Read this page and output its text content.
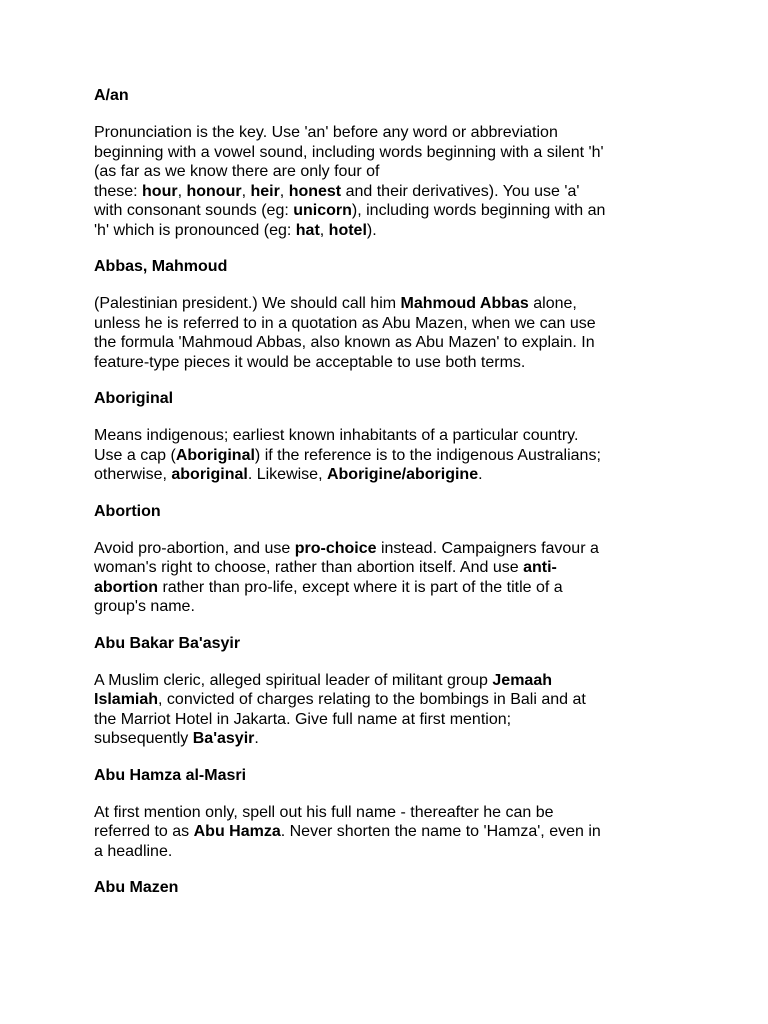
A/an
Pronunciation is the key. Use 'an' before any word or abbreviation
beginning with a vowel sound, including words beginning with a silent 'h'
(as far as we know there are only four of
these: hour, honour, heir, honest and their derivatives). You use 'a'
with consonant sounds (eg: unicorn), including words beginning with an
'h' which is pronounced (eg: hat, hotel).
Abbas, Mahmoud
(Palestinian president.) We should call him Mahmoud Abbas alone,
unless he is referred to in a quotation as Abu Mazen, when we can use
the formula 'Mahmoud Abbas, also known as Abu Mazen' to explain. In
feature-type pieces it would be acceptable to use both terms.
Aboriginal
Means indigenous; earliest known inhabitants of a particular country.
Use a cap (Aboriginal) if the reference is to the indigenous Australians;
otherwise, aboriginal. Likewise, Aborigine/aborigine.
Abortion
Avoid pro-abortion, and use pro-choice instead. Campaigners favour a
woman's right to choose, rather than abortion itself. And use anti-
abortion rather than pro-life, except where it is part of the title of a
group's name.
Abu Bakar Ba'asyir
A Muslim cleric, alleged spiritual leader of militant group Jemaah
Islamiah, convicted of charges relating to the bombings in Bali and at
the Marriot Hotel in Jakarta. Give full name at first mention;
subsequently Ba'asyir.
Abu Hamza al-Masri
At first mention only, spell out his full name - thereafter he can be
referred to as Abu Hamza. Never shorten the name to 'Hamza', even in
a headline.
Abu Mazen
